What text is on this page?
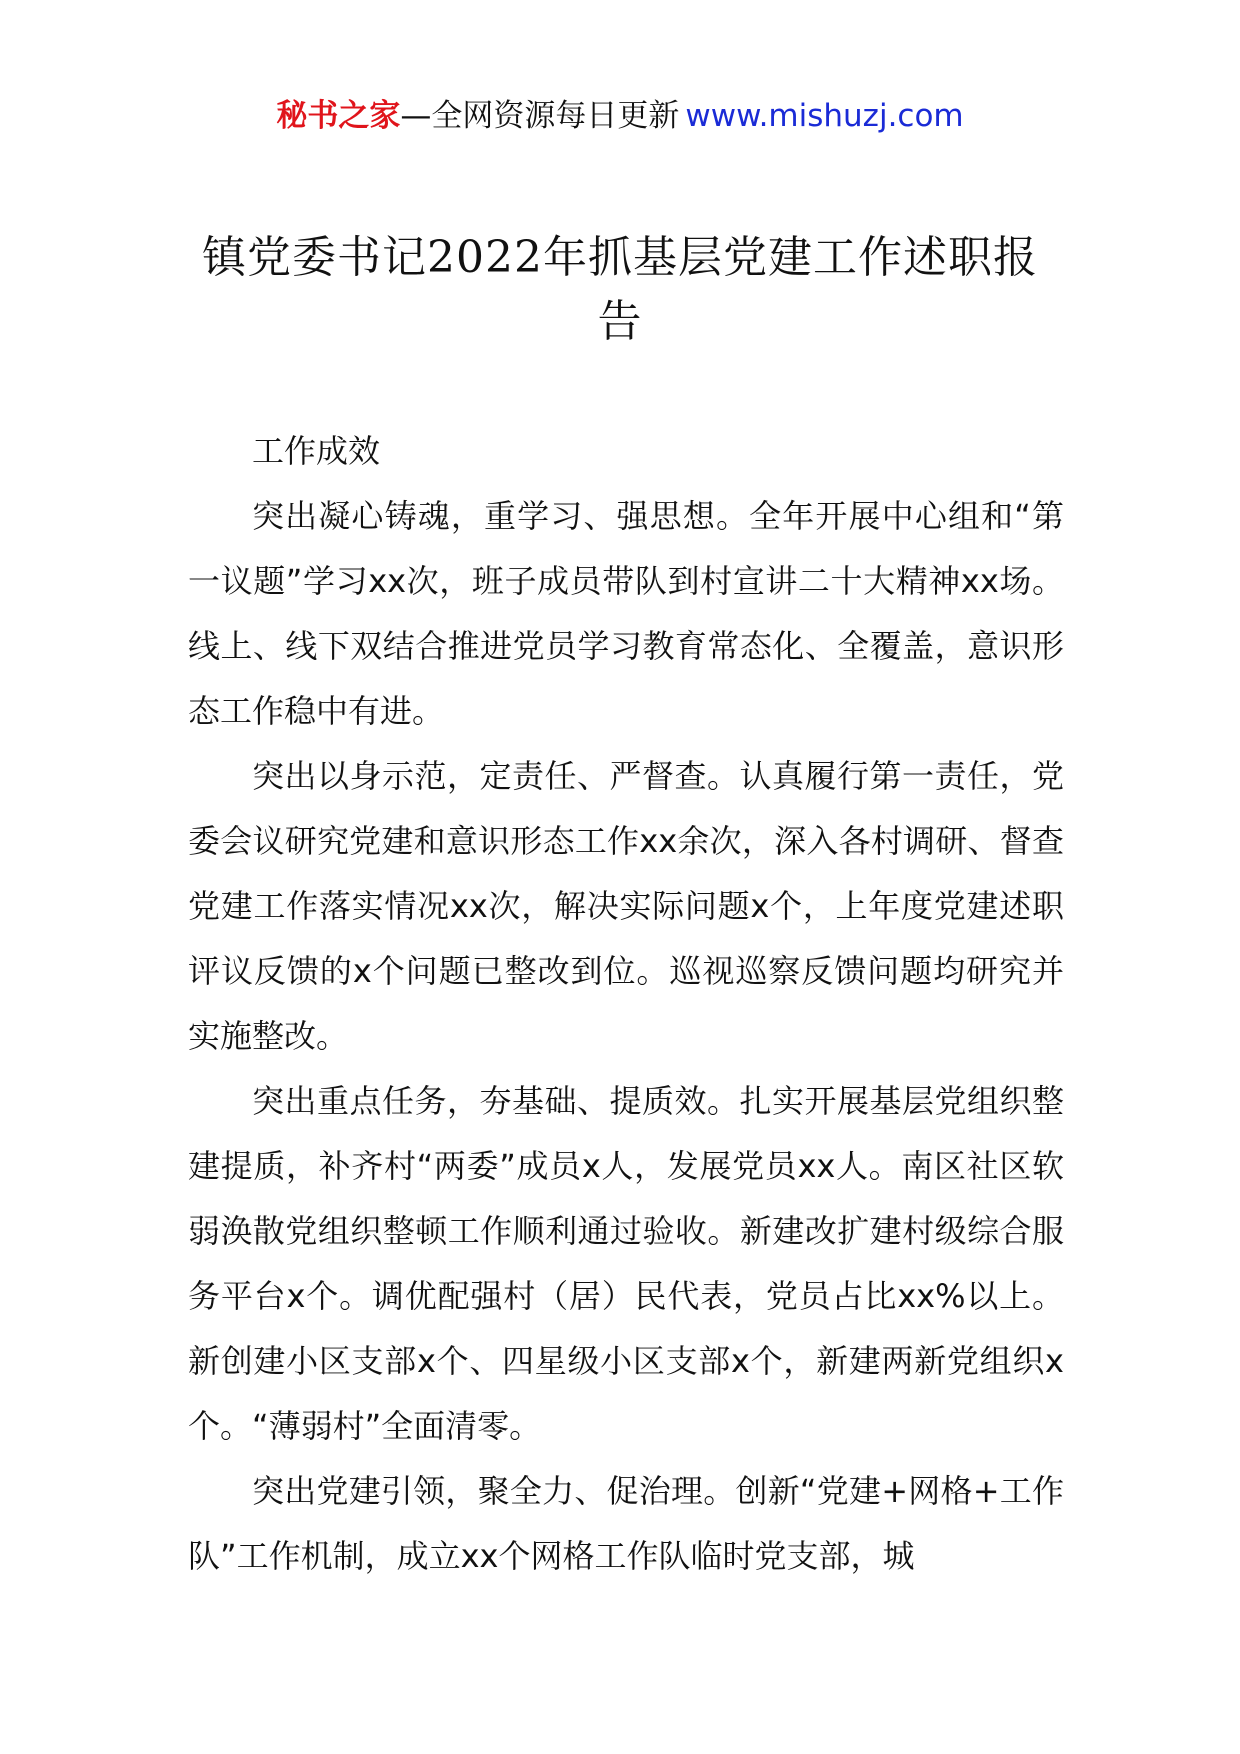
秘书之家—全网资源每日更新 www.mishuzj.com
镇党委书记2022年抓基层党建工作述职报告

工作成效

突出凝心铸魂，重学习、强思想。全年开展中心组和“第一议题”学习xx次，班子成员带队到村宣讲二十大精神xx场。线上、线下双结合推进党员学习教育常态化、全覆盖，意识形态工作稳中有进。

突出以身示范，定责任、严督查。认真履行第一责任，党委会议研究党建和意识形态工作xx余次，深入各村调研、督查党建工作落实情况xx次，解决实际问题x个，上年度党建述职评议反馈的x个问题已整改到位。巡视巡察反馈问题均研究并实施整改。

突出重点任务，夯基础、提质效。扎实开展基层党组织整建提质，补齐村“两委”成员x人，发展党员xx人。南区社区软弱涣散党组织整顿工作顺利通过验收。新建改扩建村级综合服务平台x个。调优配强村（居）民代表，党员占比xx%以上。新创建小区支部x个、四星级小区支部x个，新建两新党组织x个。“薄弱村”全面清零。

突出党建引领，聚全力、促治理。创新“党建+网格+工作队”工作机制，成立xx个网格工作队临时党支部，城
